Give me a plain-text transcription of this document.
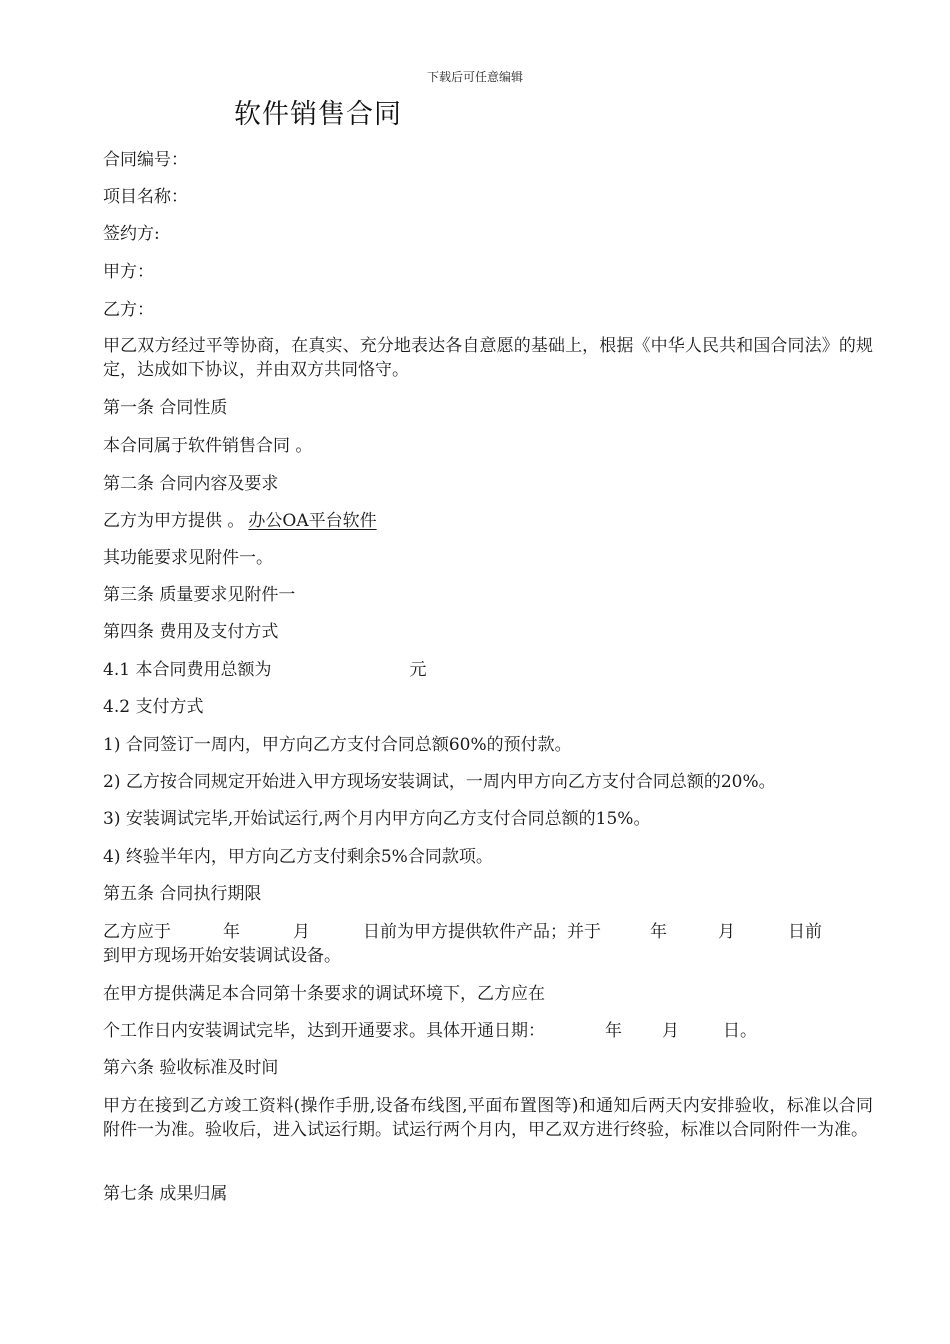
下载后可任意编辑
软件销售合同
合同编号：
项目名称：
签约方:
甲方：
乙方：
甲乙双方经过平等协商，在真实、充分地表达各自意愿的基础上，根据《中华人民共和国合同法》的规定，达成如下协议，并由双方共同恪守。
第一条 合同性质
本合同属于软件销售合同 。
第二条 合同内容及要求
乙方为甲方提供 。 办公OA平台软件
其功能要求见附件一。
第三条 质量要求见附件一
第四条 费用及支付方式
4.1 本合同费用总额为	元
4.2 支付方式
1) 合同签订一周内，甲方向乙方支付合同总额60%的预付款。
2) 乙方按合同规定开始进入甲方现场安装调试，一周内甲方向乙方支付合同总额的20%。
3) 安装调试完毕,开始试运行,两个月内甲方向乙方支付合同总额的15%。
4) 终验半年内，甲方向乙方支付剩余5%合同款项。
第五条 合同执行期限
乙方应于	年	月	日前为甲方提供软件产品；并于	年	月	日前
到甲方现场开始安装调试设备。
在甲方提供满足本合同第十条要求的调试环境下，乙方应在
个工作日内安装调试完毕，达到开通要求。具体开通日期：	年 月	日。
第六条 验收标准及时间
甲方在接到乙方竣工资料(操作手册,设备布线图,平面布置图等)和通知后两天内安排验收，标准以合同附件一为准。验收后，进入试运行期。试运行两个月内，甲乙双方进行终验，标准以合同附件一为准。
第七条 成果归属
